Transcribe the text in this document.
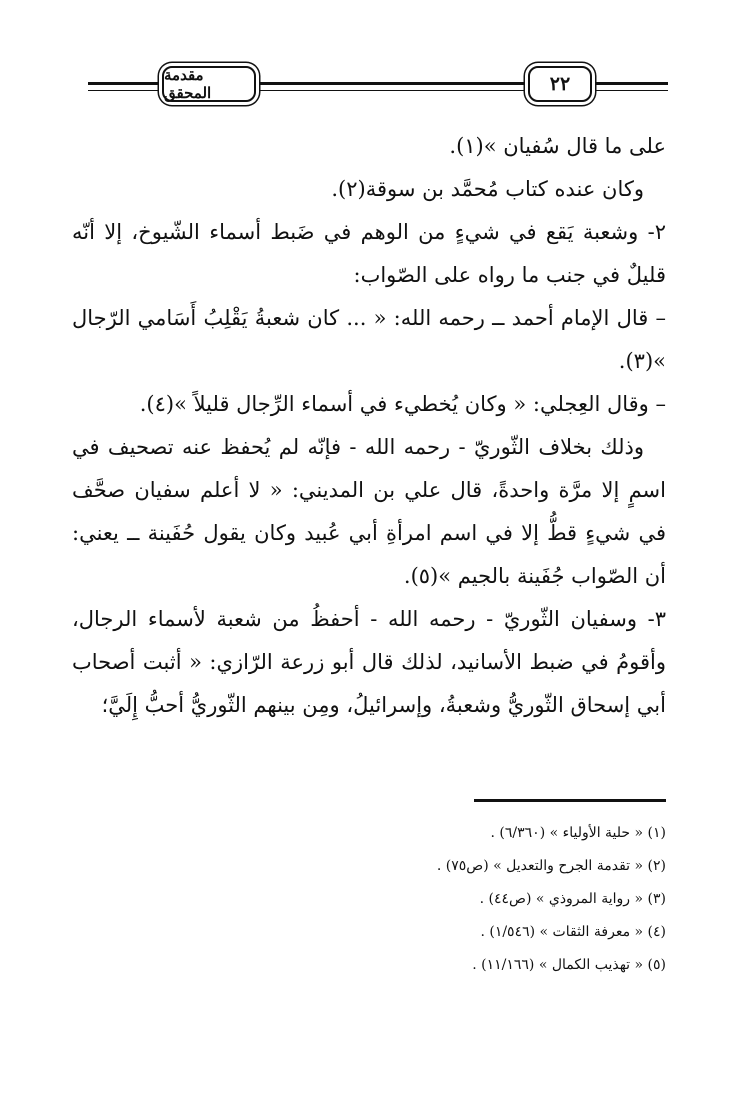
مقدمة المحقق	٢٢

على ما قال سُفيان »(١).

وكان عنده كتاب مُحمَّد بن سوقة(٢).

٢- وشعبة يَقع في شيءٍ من الوهم في ضَبط أسماء الشّيوخ، إلا أنّه قليلٌ في جنب ما رواه على الصّواب:

– قال الإمام أحمد ــ رحمه الله: « ... كان شعبةُ يَقْلِبُ أَسَامي الرّجال »(٣).

– وقال العِجلي: « وكان يُخطيء في أسماء الرِّجال قليلاً »(٤).

وذلك بخلاف الثّوريّ - رحمه الله - فإنّه لم يُحفظ عنه تصحيف في اسمٍ إلا مرَّة واحدةً، قال علي بن المديني: « لا أعلم سفيان صحَّف في شيءٍ قطُّ إلا في اسم امرأةِ أبي عُبيد وكان يقول حُفَينة ــ يعني: أن الصّواب جُفَينة بالجيم »(٥).

٣- وسفيان الثّوريّ - رحمه الله - أحفظُ من شعبة لأسماء الرجال، وأقومُ في ضبط الأسانيد، لذلك قال أبو زرعة الرّازي: « أثبت أصحاب أبي إسحاق الثّوريُّ وشعبةُ، وإسرائيلُ، ومِن بينهم الثّوريُّ أحبُّ إِلَيَّ؛

(١) « حلية الأولياء » (٦/٣٦٠) .
(٢) « تقدمة الجرح والتعديل » (ص٧٥) .
(٣) « رواية المروذي » (ص٤٤) .
(٤) « معرفة الثقات » (١/٥٤٦) .
(٥) « تهذيب الكمال » (١١/١٦٦) .
